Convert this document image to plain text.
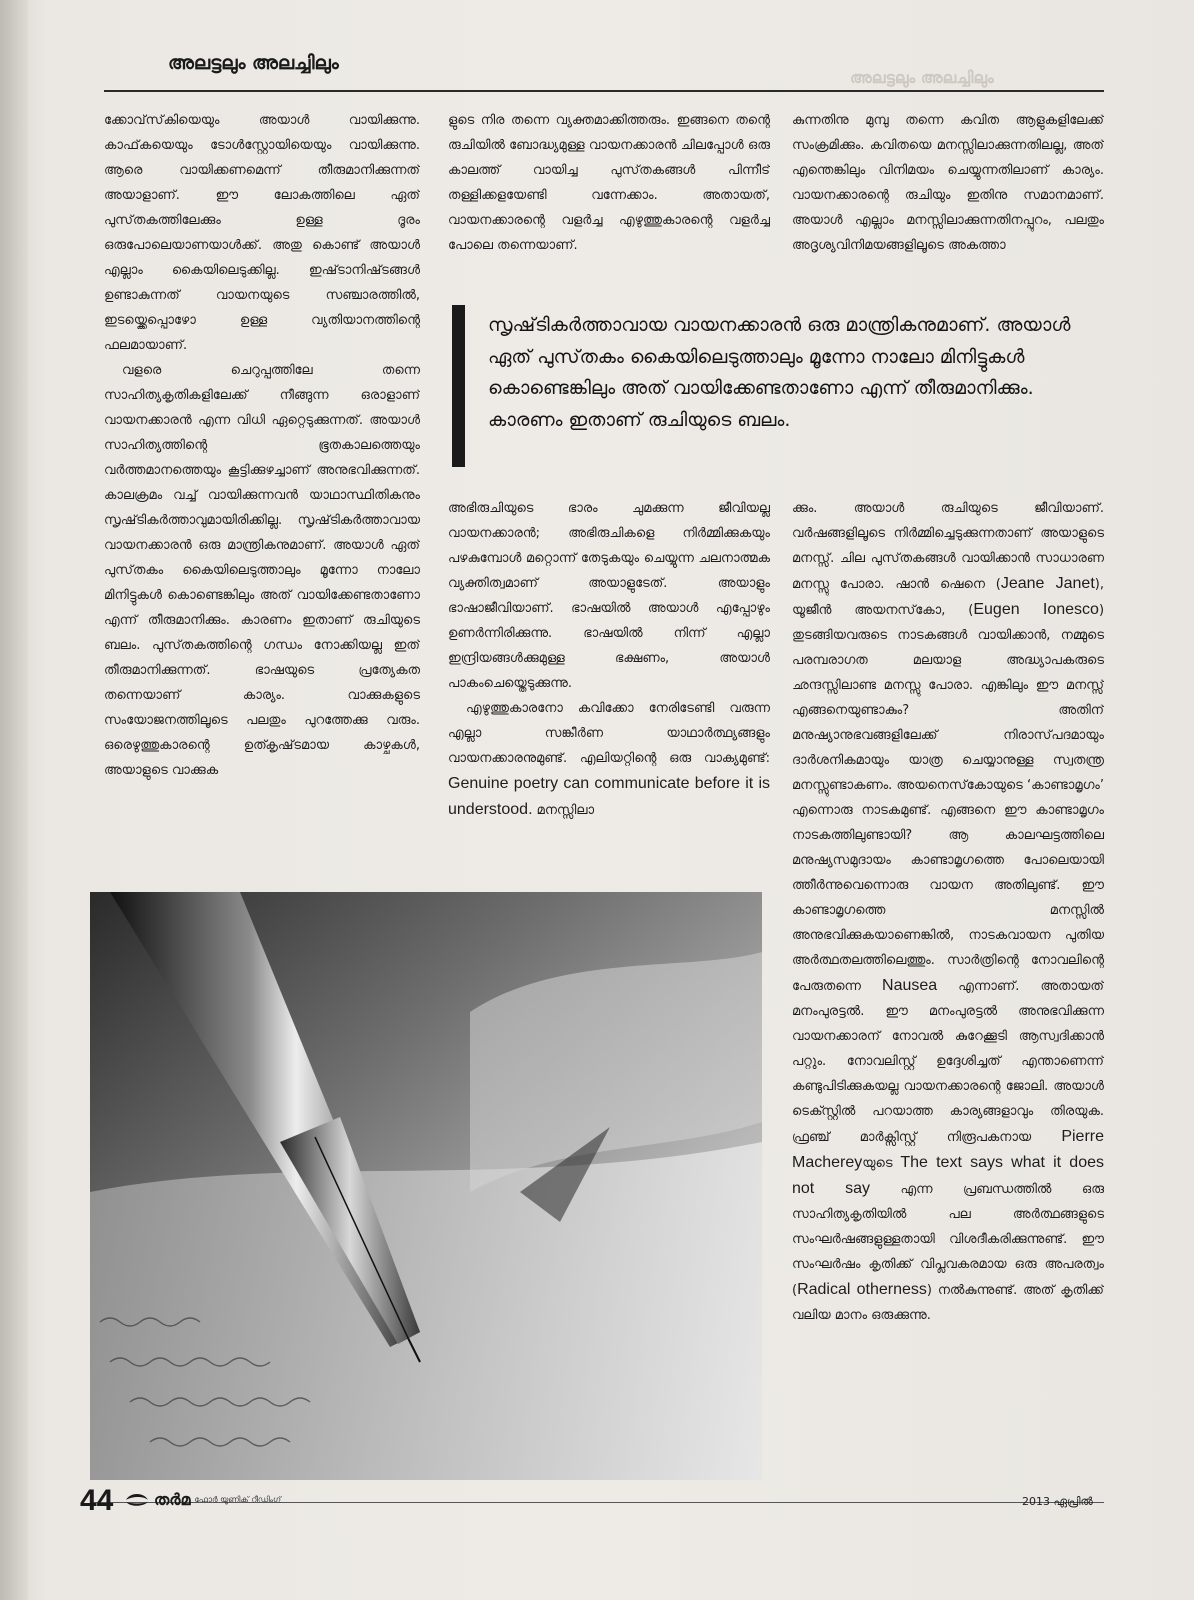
അലട്ടലും അലച്ചിലും
അലട്ടലും അലച്ചിലും

ക്കോവ്‌സ്‌കിയെയും അയാൾ വായിക്കുന്നു. കാഫ്‌കയെയും ടോൾസ്റ്റോയിയെയും വായിക്കുന്നു. ആരെ വായിക്കണമെന്ന് തീരുമാനിക്കുന്നത് അയാളാണ്. ഈ ലോകത്തിലെ ഏത് പുസ്‌തകത്തിലേക്കും ഉള്ള ദൂരം ഒരുപോലെയാണയാൾക്ക്. അതു കൊണ്ട് അയാൾ എല്ലാം കൈയിലെടുക്കില്ല. ഇഷ്‌ടാനിഷ്‌ടങ്ങൾ ഉണ്ടാകുന്നത് വായനയുടെ സഞ്ചാരത്തിൽ, ഇടയ്ക്കെപ്പൊഴോ ഉള്ള വ്യതിയാനത്തിന്റെ ഫലമായാണ്.

വളരെ ചെറുപ്പത്തിലേ തന്നെ സാഹിത്യകൃതികളിലേക്ക് നീങ്ങുന്ന ഒരാളാണ് വായനക്കാരൻ എന്ന വിധി ഏറ്റെടുക്കുന്നത്. അയാൾ സാഹിത്യത്തിന്റെ ഭൂതകാലത്തെയും വർത്തമാനത്തെയും കൂട്ടിക്കുഴച്ചാണ് അനുഭവിക്കുന്നത്. കാലക്രമം വച്ച് വായിക്കുന്നവൻ യാഥാസ്ഥിതികനും സൃഷ്‌ടികർത്താവുമായിരിക്കില്ല. സൃഷ്‌ടികർത്താവായ വായനക്കാരൻ ഒരു മാന്ത്രികനുമാണ്. അയാൾ ഏത് പുസ്‌തകം കൈയിലെടുത്താലും മൂന്നോ നാലോ മിനിട്ടുകൾ കൊണ്ടെങ്കിലും അത് വായിക്കേണ്ടതാണോ എന്ന് തീരുമാനിക്കും. കാരണം ഇതാണ് രുചിയുടെ ബലം. പുസ്‌തകത്തിന്റെ ഗന്ധം നോക്കിയല്ല ഇത് തീരുമാനിക്കുന്നത്. ഭാഷയുടെ പ്രത്യേകത തന്നെയാണ് കാര്യം. വാക്കുകളുടെ സംയോജനത്തിലൂടെ പലതും പുറത്തേക്കു വരും. ഒരെഴുത്തുകാരന്റെ ഉത്കൃഷ്‌ടമായ കാഴ്ചകൾ, അയാളുടെ വാക്കുക

ളുടെ നിര തന്നെ വ്യക്തമാക്കിത്തരും. ഇങ്ങനെ തന്റെ രുചിയിൽ ബോദ്ധ്യമുള്ള വായനക്കാരൻ ചിലപ്പോൾ ഒരു കാലത്ത് വായിച്ച പുസ്‌തകങ്ങൾ പിന്നീട് തള്ളിക്കളയേണ്ടി വന്നേക്കാം. അതായത്, വായനക്കാരന്റെ വളർച്ച എഴുത്തുകാരന്റെ വളർച്ച പോലെ തന്നെയാണ്.

കുന്നതിനു മുമ്പു തന്നെ കവിത ആളുകളിലേക്ക് സംക്രമിക്കും. കവിതയെ മനസ്സിലാക്കുന്നതിലല്ല, അത് എന്തെങ്കിലും വിനിമയം ചെയ്യുന്നതിലാണ് കാര്യം. വായനക്കാരന്റെ രുചിയും ഇതിനു സമാനമാണ്. അയാൾ എല്ലാം മനസ്സിലാക്കുന്നതിനപ്പുറം, പലതും അദൃശ്യവിനിമയങ്ങളിലൂടെ അകത്താ

സൃഷ്‌ടികർത്താവായ വായനക്കാരൻ ഒരു മാന്ത്രികനുമാണ്. അയാൾ ഏത് പുസ്‌തകം കൈയിലെടുത്താലും മൂന്നോ നാലോ മിനിട്ടുകൾ കൊണ്ടെങ്കിലും അത് വായിക്കേണ്ടതാണോ എന്ന് തീരുമാനിക്കും. കാരണം ഇതാണ് രുചിയുടെ ബലം.

അഭിരുചിയുടെ ഭാരം ചുമക്കുന്ന ജീവിയല്ല വായനക്കാരൻ; അഭിരുചികളെ നിർമ്മിക്കുകയും പഴകുമ്പോൾ മറ്റൊന്ന് തേടുകയും ചെയ്യുന്ന ചലനാത്മക വ്യക്തിത്വമാണ് അയാളുടേത്. അയാളും ഭാഷാജീവിയാണ്. ഭാഷയിൽ അയാൾ എപ്പോഴും ഉണർന്നിരിക്കുന്നു. ഭാഷയിൽ നിന്ന് എല്ലാ ഇന്ദ്രിയങ്ങൾക്കുമുള്ള ഭക്ഷണം, അയാൾ പാകംചെയ്തെടുക്കുന്നു.

എഴുത്തുകാരനോ കവിക്കോ നേരിടേണ്ടി വരുന്ന എല്ലാ സങ്കീർണ യാഥാർത്ഥ്യങ്ങളും വായനക്കാരനുമുണ്ട്. എലിയറ്റിന്റെ ഒരു വാക്യമുണ്ട്: Genuine poetry can communicate before it is understood. മനസ്സിലാ

ക്കും. അയാൾ രുചിയുടെ ജീവിയാണ്. വർഷങ്ങളിലൂടെ നിർമ്മിച്ചെടുക്കുന്നതാണ് അയാളുടെ മനസ്സ്. ചില പുസ്‌തകങ്ങൾ വായിക്കാൻ സാധാരണ മനസ്സു പോരാ. ഷാൻ ഷെനെ (Jeane Janet), യൂജീൻ അയനസ്‌കോ, (Eugen Ionesco) തുടങ്ങിയവരുടെ നാടകങ്ങൾ വായിക്കാൻ, നമ്മുടെ പരമ്പരാഗത മലയാള അദ്ധ്യാപകരുടെ ഛന്ദസ്സിലാണ്ട മനസ്സു പോരാ. എങ്കിലും ഈ മനസ്സ് എങ്ങനെയുണ്ടാകും? അതിന് മനുഷ്യാനുഭവങ്ങളിലേക്ക് നിരാസ്‌പദമായും ദാർശനികമായും യാത്ര ചെയ്യാനുള്ള സ്വതന്ത്ര മനസ്സുണ്ടാകണം. അയനെസ്‌കോയുടെ ‘കാണ്ടാമൃഗം’ എന്നൊരു നാടകമുണ്ട്. എങ്ങനെ ഈ കാണ്ടാമൃഗം നാടകത്തിലുണ്ടായി? ആ കാലഘട്ടത്തിലെ മനുഷ്യസമുദായം കാണ്ടാമൃഗത്തെ പോലെയായി ത്തീർന്നുവെന്നൊരു വായന അതിലുണ്ട്. ഈ കാണ്ടാമൃഗത്തെ മനസ്സിൽ അനുഭവിക്കുകയാണെങ്കിൽ, നാടകവായന പുതിയ അർത്ഥതലത്തിലെത്തും. സാർത്രിന്റെ നോവലിന്റെ പേരുതന്നെ Nausea എന്നാണ്. അതായത് മനംപുരട്ടൽ. ഈ മനംപുരട്ടൽ അനുഭവിക്കുന്ന വായനക്കാരന് നോവൽ കുറേക്കൂടി ആസ്വദിക്കാൻ പറ്റും. നോവലിസ്റ്റ് ഉദ്ദേശിച്ചത് എന്താണെന്ന് കണ്ടുപിടിക്കുകയല്ല വായനക്കാരന്റെ ജോലി. അയാൾ ടെക്സ്റ്റിൽ പറയാത്ത കാര്യങ്ങളാവും തിരയുക. ഫ്രഞ്ച് മാർക്സിസ്റ്റ് നിരൂപകനായ Pierre Machereyയുടെ The text says what it does not say എന്ന പ്രബന്ധത്തിൽ ഒരു സാഹിത്യകൃതിയിൽ പല അർത്ഥങ്ങളുടെ സംഘർഷങ്ങളുള്ളതായി വിശദീകരിക്കുന്നുണ്ട്. ഈ സംഘർഷം കൃതിക്ക് വിപ്ലവകരമായ ഒരു അപരത്വം (Radical otherness) നൽകുന്നുണ്ട്. അത് കൃതിക്ക് വലിയ മാനം ഒരുക്കുന്നു.

44	തർമ ഫോർ യൂണിക് റീഡിംഗ്	2013 ഏപ്രിൽ
